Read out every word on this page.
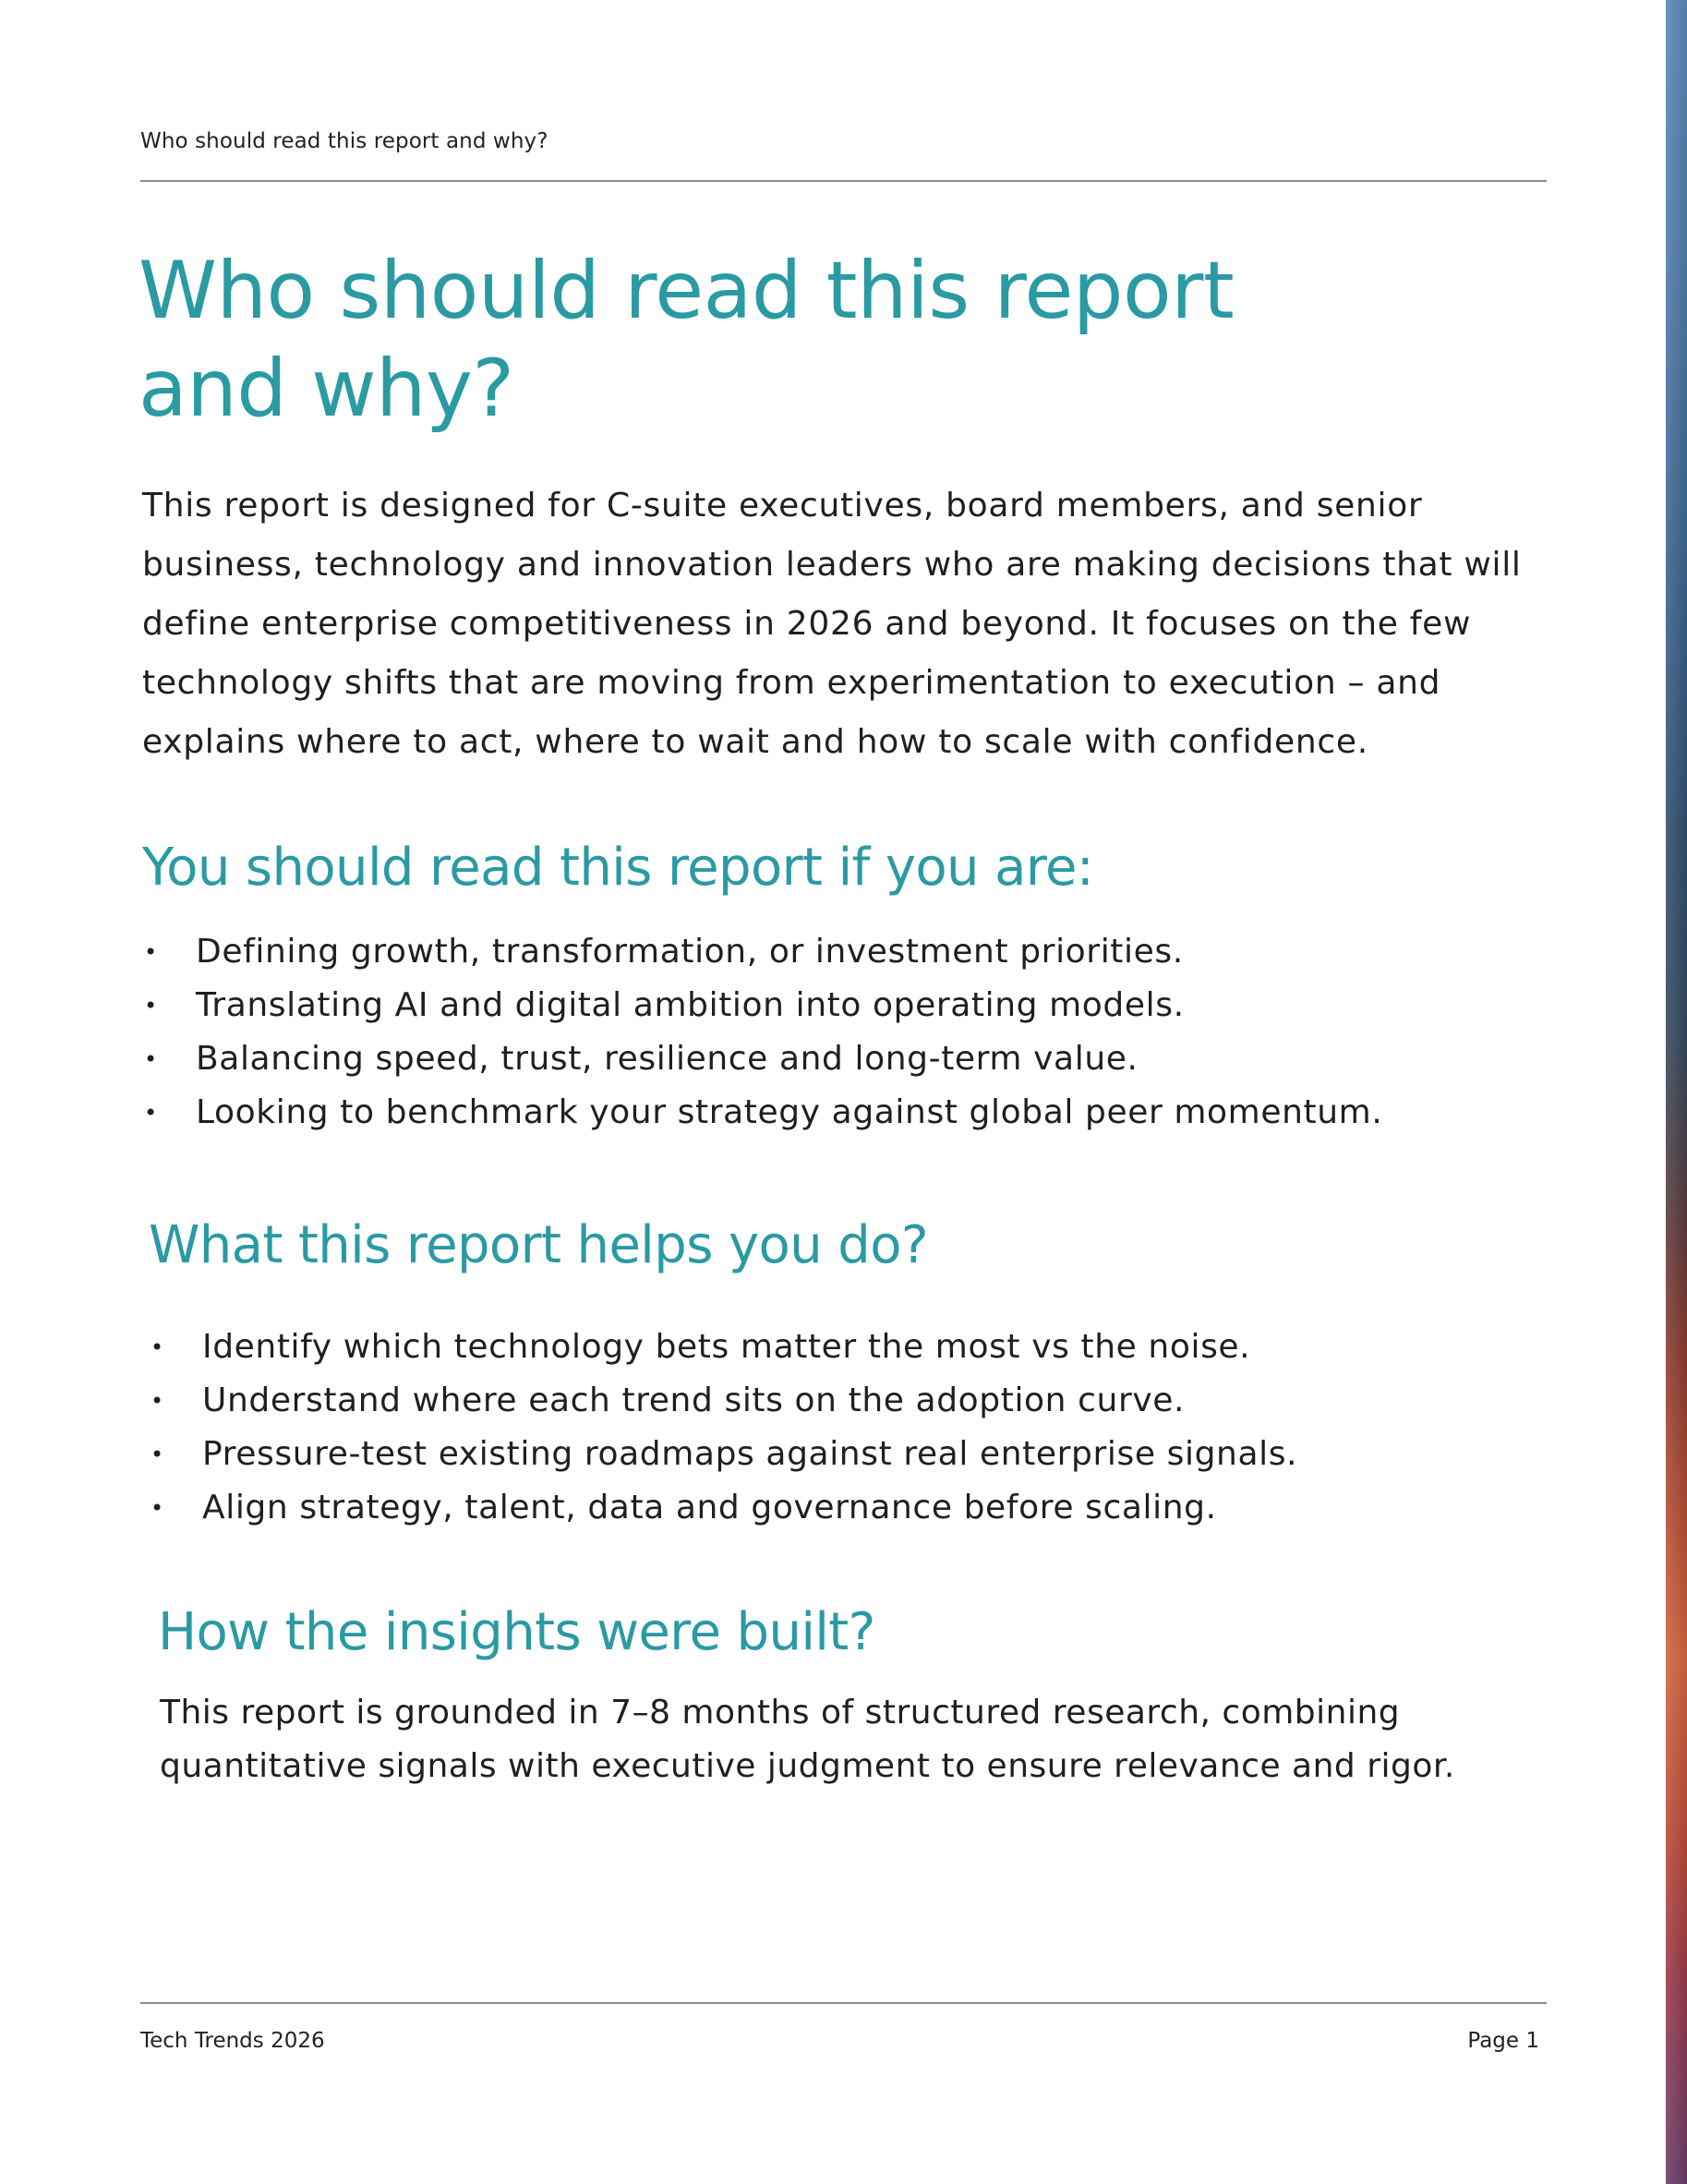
Who should read this report and why?
Who should read this report
and why?

This report is designed for C-suite executives, board members, and senior business, technology and innovation leaders who are making decisions that will define enterprise competitiveness in 2026 and beyond. It focuses on the few technology shifts that are moving from experimentation to execution – and explains where to act, where to wait and how to scale with confidence.

You should read this report if you are:
• Defining growth, transformation, or investment priorities.
• Translating AI and digital ambition into operating models.
• Balancing speed, trust, resilience and long-term value.
• Looking to benchmark your strategy against global peer momentum.
What this report helps you do?
• Identify which technology bets matter the most vs the noise.
• Understand where each trend sits on the adoption curve.
• Pressure-test existing roadmaps against real enterprise signals.
• Align strategy, talent, data and governance before scaling.
How the insights were built?

This report is grounded in 7–8 months of structured research, combining quantitative signals with executive judgment to ensure relevance and rigor.

Tech Trends 2026	Page 1
